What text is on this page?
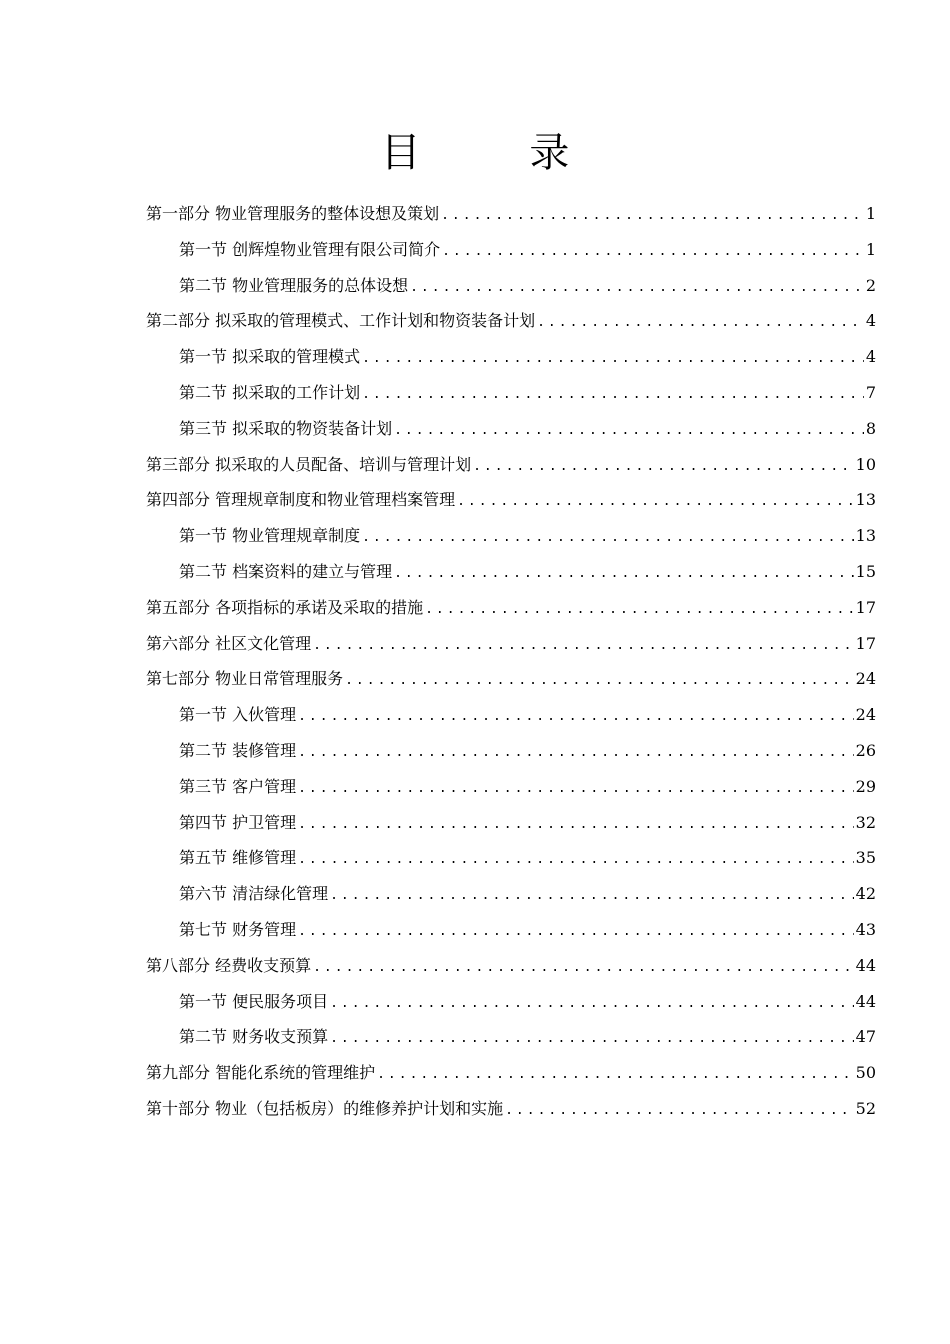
目 录
第一部分 物业管理服务的整体设想及策划 .....	1
第一节 创辉煌物业管理有限公司简介 .....	1
第二节 物业管理服务的总体设想 .....	2
第二部分 拟采取的管理模式、工作计划和物资装备计划 .....	4
第一节 拟采取的管理模式 .....	4
第二节 拟采取的工作计划 .....	7
第三节 拟采取的物资装备计划 .....	8
第三部分 拟采取的人员配备、培训与管理计划 .....	10
第四部分 管理规章制度和物业管理档案管理 .....	13
第一节 物业管理规章制度 .....	13
第二节 档案资料的建立与管理 .....	15
第五部分 各项指标的承诺及采取的措施 .....	17
第六部分 社区文化管理 .....	17
第七部分 物业日常管理服务 .....	24
第一节 入伙管理 .....	24
第二节 装修管理 .....	26
第三节 客户管理 .....	29
第四节 护卫管理 .....	32
第五节 维修管理 .....	35
第六节 清洁绿化管理 .....	42
第七节 财务管理 .....	43
第八部分 经费收支预算 .....	44
第一节 便民服务项目 .....	44
第二节 财务收支预算 .....	47
第九部分 智能化系统的管理维护 .....	50
第十部分 物业（包括板房）的维修养护计划和实施 .....	52
